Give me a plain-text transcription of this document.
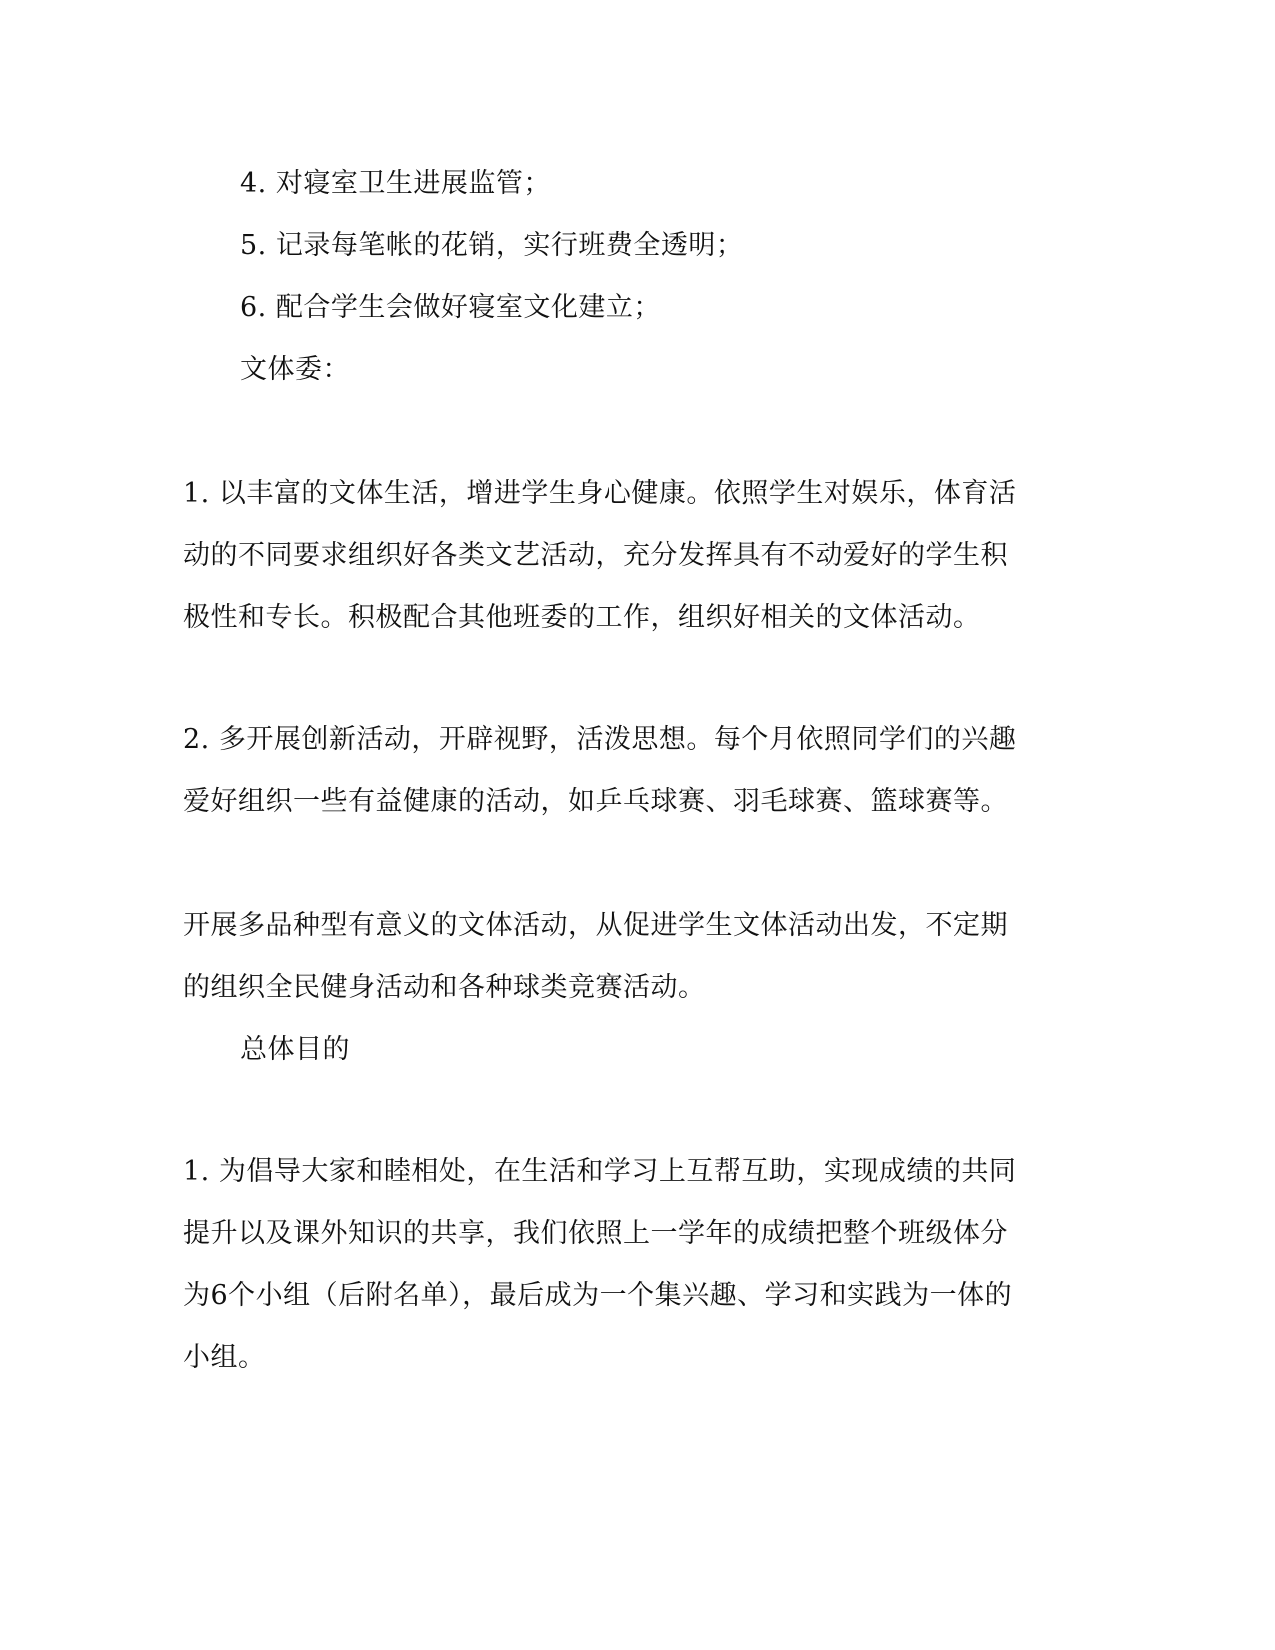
4. 对寝室卫生进展监管；
5. 记录每笔帐的花销，实行班费全透明；
6. 配合学生会做好寝室文化建立；
文体委：
1. 以丰富的文体生活，增进学生身心健康。依照学生对娱乐，体育活
动的不同要求组织好各类文艺活动，充分发挥具有不动爱好的学生积
极性和专长。积极配合其他班委的工作，组织好相关的文体活动。
2. 多开展创新活动，开辟视野，活泼思想。每个月依照同学们的兴趣
爱好组织一些有益健康的活动，如乒乓球赛、羽毛球赛、篮球赛等。
开展多品种型有意义的文体活动，从促进学生文体活动出发，不定期
的组织全民健身活动和各种球类竞赛活动。
总体目的
1. 为倡导大家和睦相处，在生活和学习上互帮互助，实现成绩的共同
提升以及课外知识的共享，我们依照上一学年的成绩把整个班级体分
为6个小组（后附名单），最后成为一个集兴趣、学习和实践为一体的
小组。
